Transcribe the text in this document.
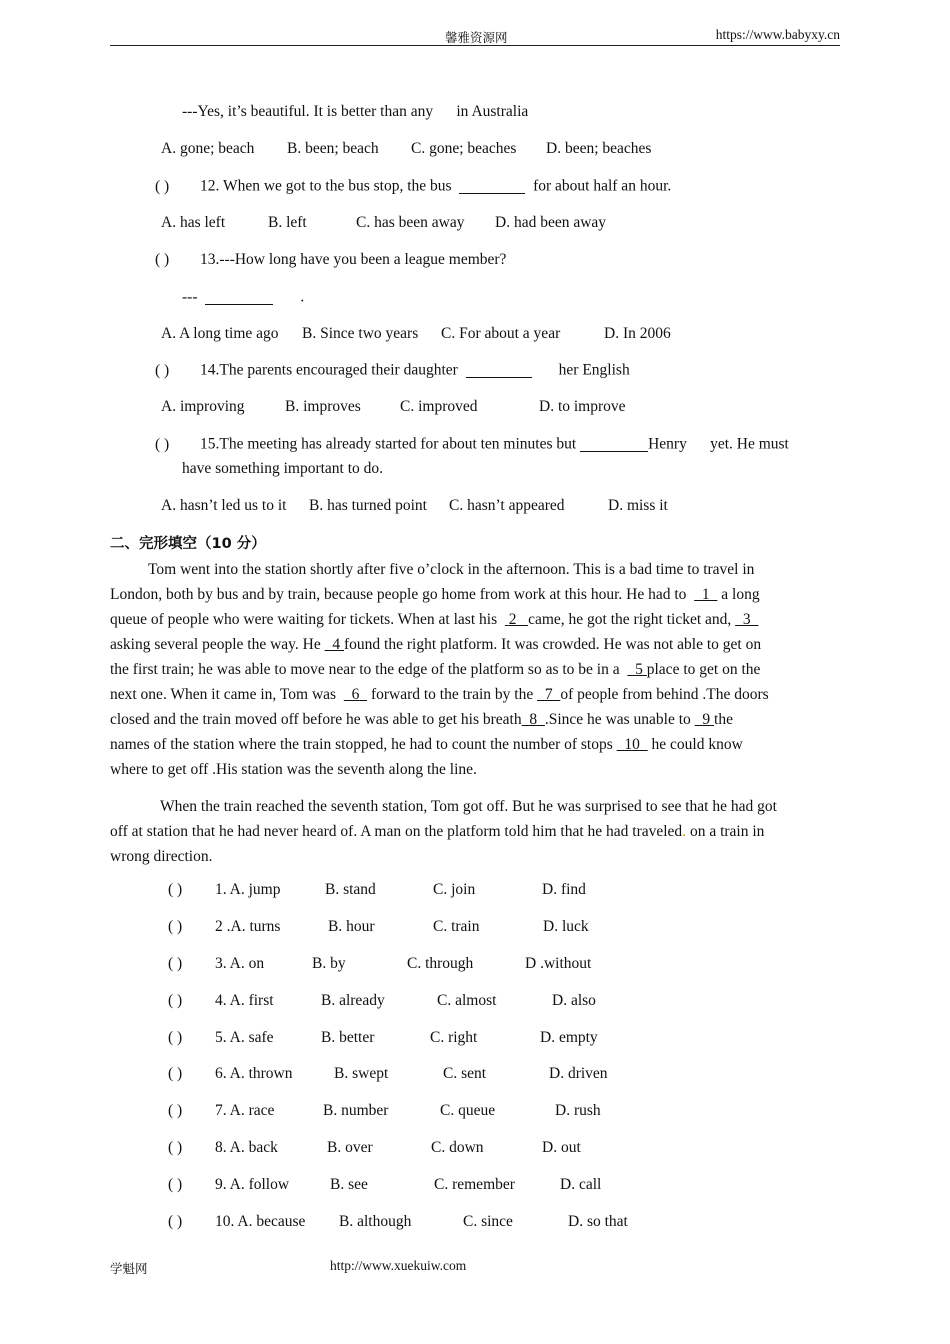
馨雅资源网	https://www.babyxy.cn
---Yes, it’s beautiful. It is better than any in Australia
A. gone; beach B. been; beach C. gone; beaches D. been; beaches
( ) 12. When we got to the bus stop, the bus	for about half an hour.
A. has left	B. left	C. has been away D. had been away
( ) 13.---How long have you been a league member?
---	.
A. A long time ago B. Since two years C. For about a year	D. In 2006
( ) 14.The parents encouraged their daughter	her English
A. improving	B. improves	C. improved	D. to improve
( ) 15.The meeting has already started for about ten minutes but	Henry yet. He must
have something important to do.
A. hasn’t led us to it B. has turned point C. hasn’t appeared	D. miss it
二、完形填空（10 分）
Tom went into the station shortly after five o’clock in the afternoon. This is a bad time to travel in
London, both by bus and by train, because people go home from work at this hour. He had to 1 a long
queue of people who were waiting for tickets. When at last his 2 came, he got the right ticket and, 3
asking several people the way. He 4 found the right platform. It was crowded. He was not able to get on
the first train; he was able to move near to the edge of the platform so as to be in a 5 place to get on the
next one. When it came in, Tom was 6 forward to the train by the 7 of people from behind .The doors
closed and the train moved off before he was able to get his breath 8 .Since he was unable to 9 the
names of the station where the train stopped, he had to count the number of stops 10 he could know
where to get off .His station was the seventh along the line.
When the train reached the seventh station, Tom got off. But he was surprised to see that he had got
off at station that he had never heard of. A man on the platform told him that he had traveled. on a train in
wrong direction.
( ) 1. A. jump	B. stand	C. join	D. find
( ) 2 .A. turns	B. hour	C. train	D. luck
( ) 3. A. on	B. by	C. through	D .without
( ) 4. A. first	B. already	C. almost	D. also
( ) 5. A. safe	B. better	C. right	D. empty
( ) 6. A. thrown	B. swept	C. sent	D. driven
( ) 7. A. race	B. number	C. queue	D. rush
( ) 8. A. back	B. over	C. down	D. out
( ) 9. A. follow	B. see	C. remember	D. call
( ) 10. A. because B. although	C. since	D. so that
学魁网	http://www.xuekuiw.com
